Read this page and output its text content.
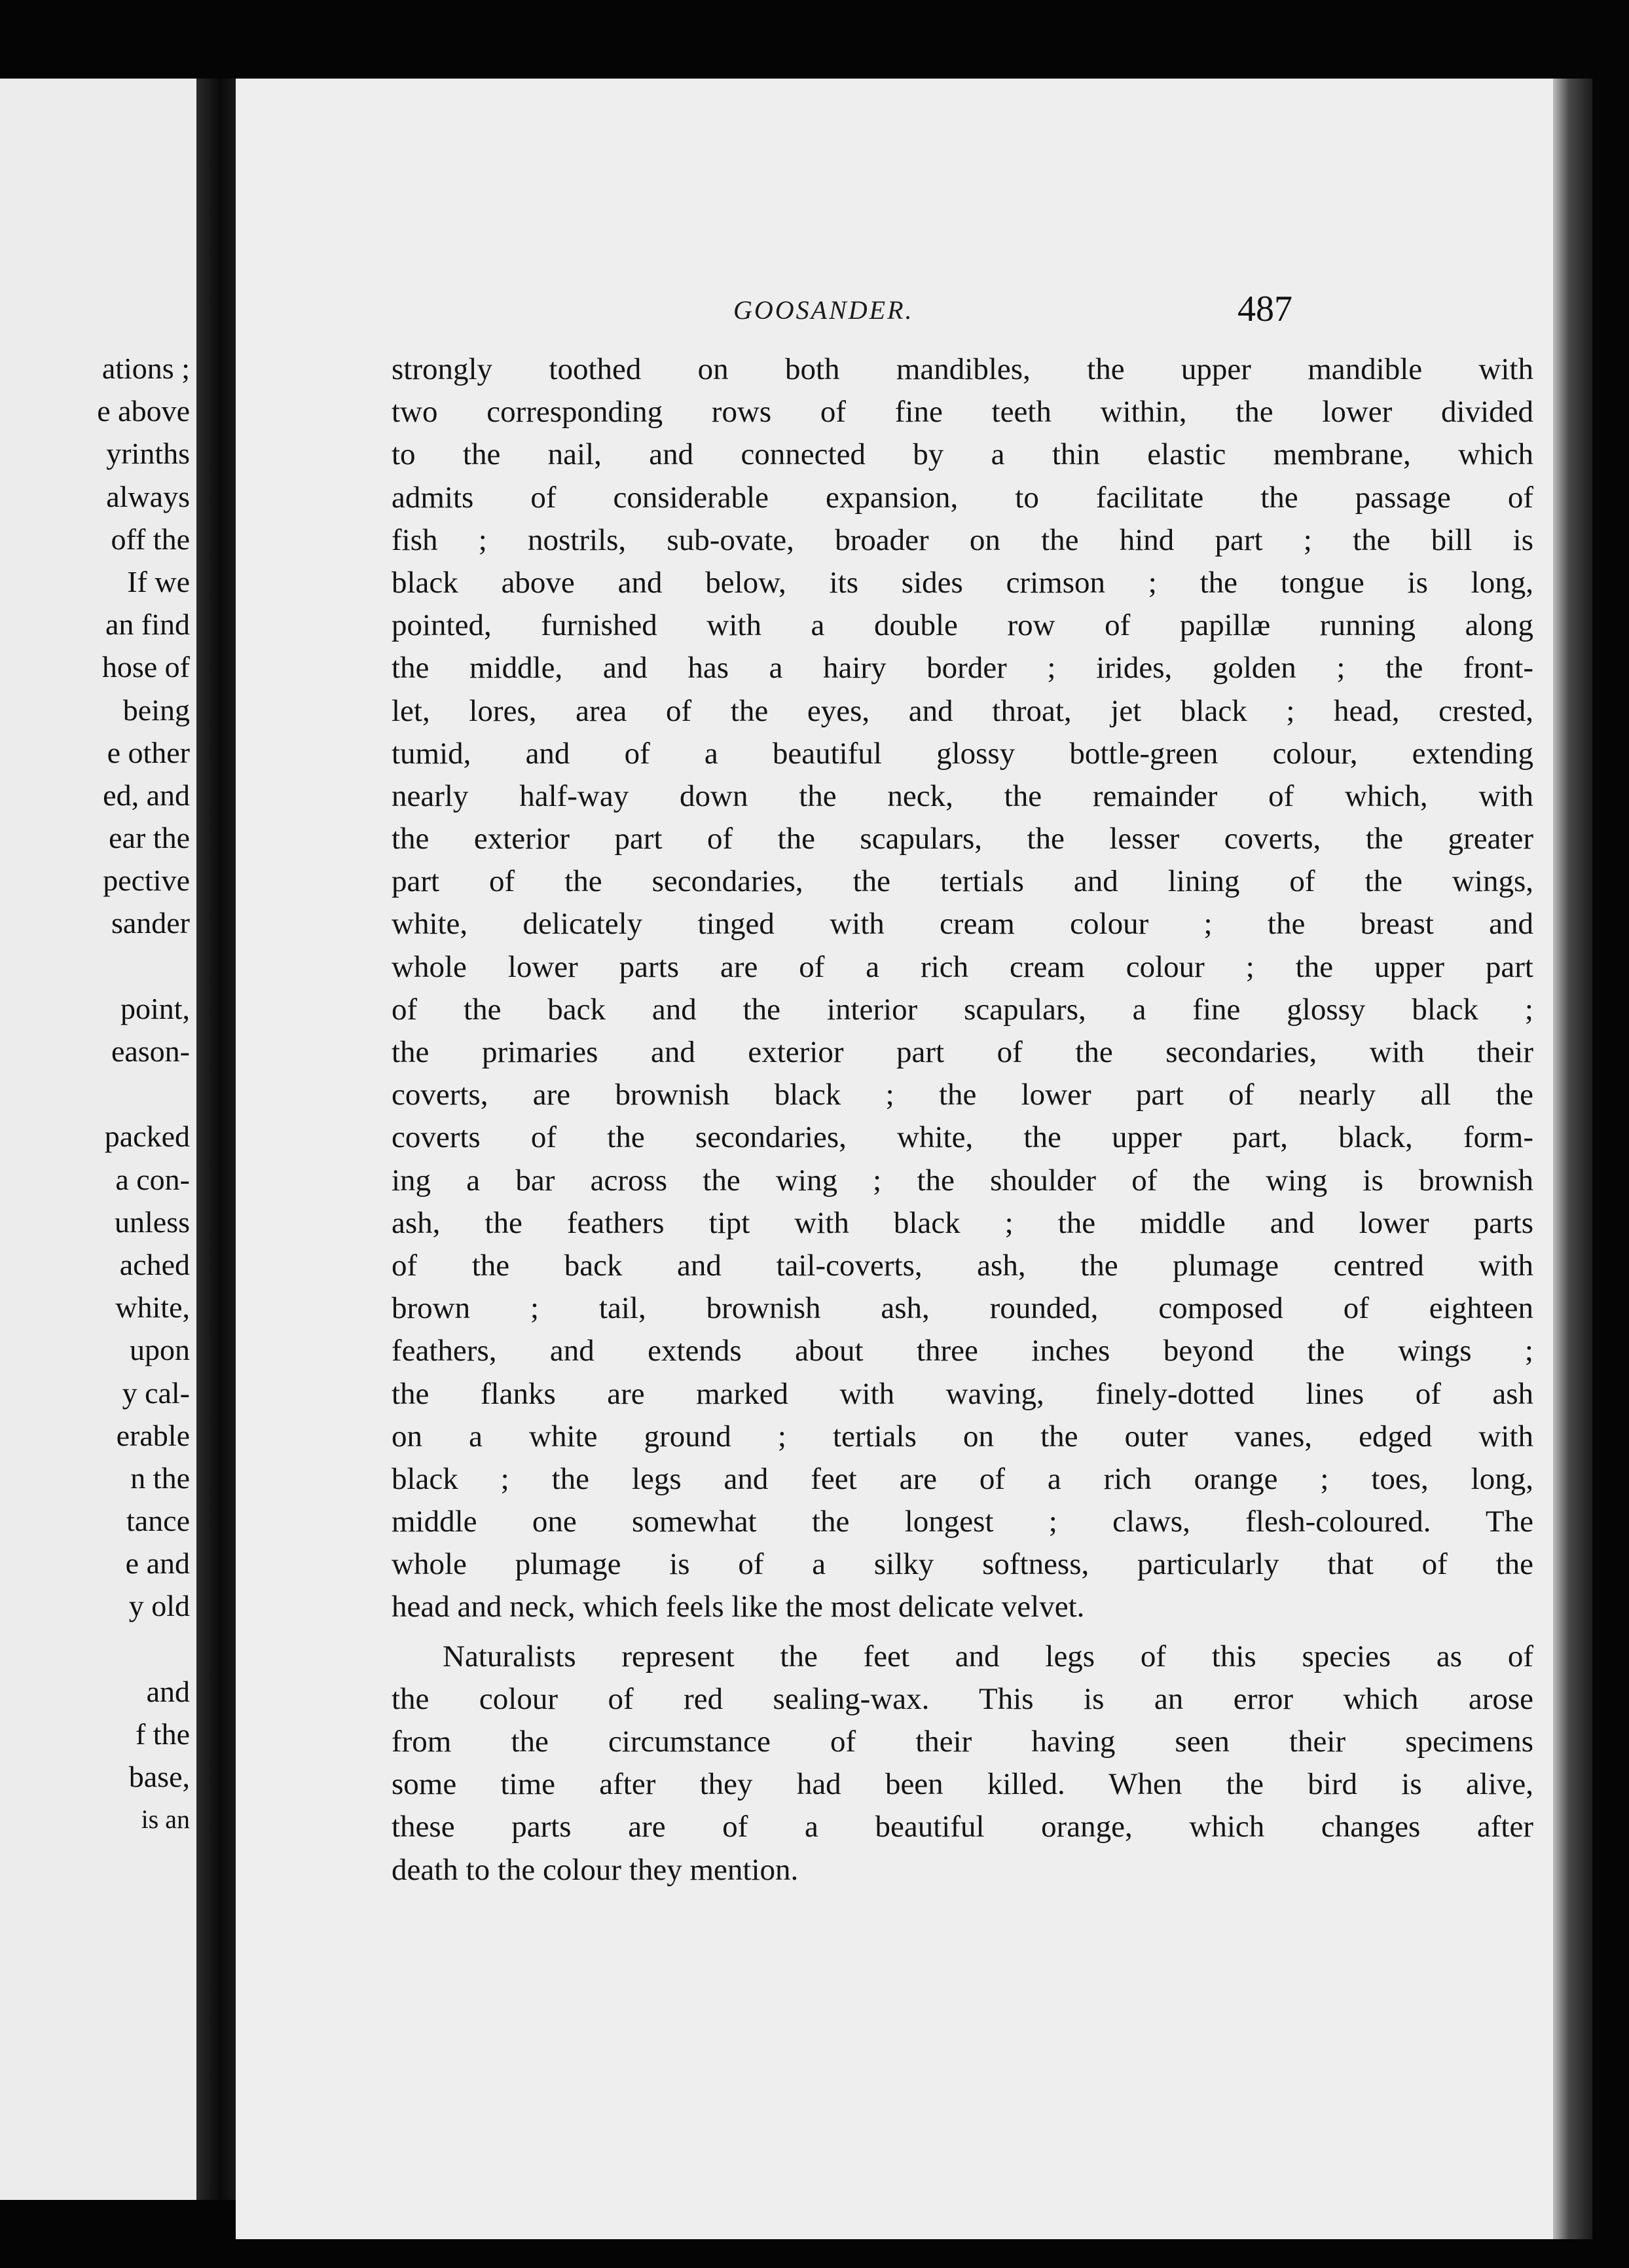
ations ;
e above
yrinths
always
off the
If we
an find
hose of
being
e other
ed, and
ear the
pective
sander
point,
eason-
packed
a con-
unless
ached
white,
upon
y cal-
erable
n the
tance
e and
y old
and
f the
base,
is an
GOOSANDER.	487
strongly toothed on both mandibles, the upper mandible with
two corresponding rows of fine teeth within, the lower divided
to the nail, and connected by a thin elastic membrane, which
admits of considerable expansion, to facilitate the passage of
fish ; nostrils, sub-ovate, broader on the hind part ; the bill is
black above and below, its sides crimson ; the tongue is long,
pointed, furnished with a double row of papillæ running along
the middle, and has a hairy border ; irides, golden ; the front-
let, lores, area of the eyes, and throat, jet black ; head, crested,
tumid, and of a beautiful glossy bottle-green colour, extending
nearly half-way down the neck, the remainder of which, with
the exterior part of the scapulars, the lesser coverts, the greater
part of the secondaries, the tertials and lining of the wings,
white, delicately tinged with cream colour ; the breast and
whole lower parts are of a rich cream colour ; the upper part
of the back and the interior scapulars, a fine glossy black ;
the primaries and exterior part of the secondaries, with their
coverts, are brownish black ; the lower part of nearly all the
coverts of the secondaries, white, the upper part, black, form-
ing a bar across the wing ; the shoulder of the wing is brownish
ash, the feathers tipt with black ; the middle and lower parts
of the back and tail-coverts, ash, the plumage centred with
brown ; tail, brownish ash, rounded, composed of eighteen
feathers, and extends about three inches beyond the wings ;
the flanks are marked with waving, finely-dotted lines of ash
on a white ground ; tertials on the outer vanes, edged with
black ; the legs and feet are of a rich orange ; toes, long,
middle one somewhat the longest ; claws, flesh-coloured. The
whole plumage is of a silky softness, particularly that of the
head and neck, which feels like the most delicate velvet.
Naturalists represent the feet and legs of this species as of
the colour of red sealing-wax. This is an error which arose
from the circumstance of their having seen their specimens
some time after they had been killed. When the bird is alive,
these parts are of a beautiful orange, which changes after
death to the colour they mention.
